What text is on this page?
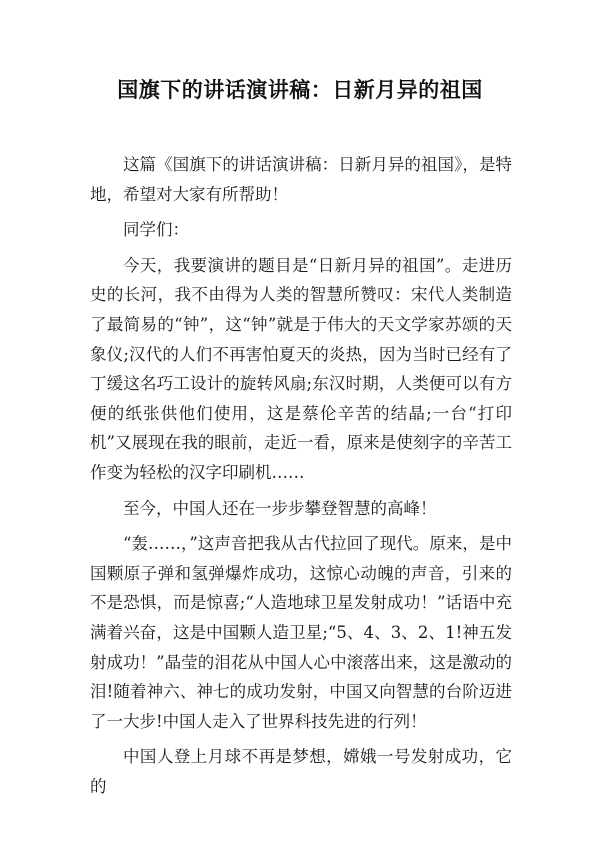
国旗下的讲话演讲稿：日新月异的祖国

这篇《国旗下的讲话演讲稿：日新月异的祖国》，是特地，希望对大家有所帮助！

同学们：

今天，我要演讲的题目是“日新月异的祖国”。走进历史的长河，我不由得为人类的智慧所赞叹：宋代人类制造了最简易的“钟”，这“钟”就是于伟大的天文学家苏颂的天象仪;汉代的人们不再害怕夏天的炎热，因为当时已经有了丁缓这名巧工设计的旋转风扇;东汉时期，人类便可以有方便的纸张供他们使用，这是蔡伦辛苦的结晶;一台“打印机”又展现在我的眼前，走近一看，原来是使刻字的辛苦工作变为轻松的汉字印刷机……

至今，中国人还在一步步攀登智慧的高峰！

“轰……，”这声音把我从古代拉回了现代。原来，是中国颗原子弹和氢弹爆炸成功，这惊心动魄的声音，引来的不是恐惧，而是惊喜;“人造地球卫星发射成功！”话语中充满着兴奋，这是中国颗人造卫星;“5、4、3、2、1!神五发射成功！”晶莹的泪花从中国人心中滚落出来，这是激动的泪!随着神六、神七的成功发射，中国又向智慧的台阶迈进了一大步!中国人走入了世界科技先进的行列！

中国人登上月球不再是梦想，嫦娥一号发射成功，它的
